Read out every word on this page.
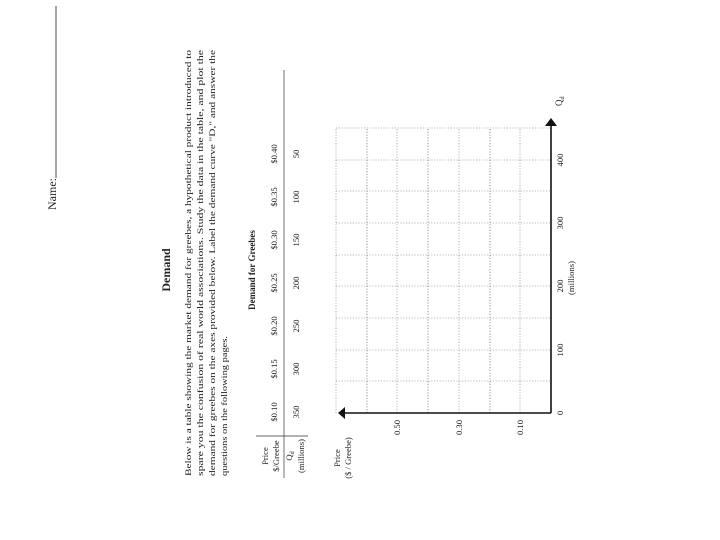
Name:
Demand Below is a table showing the market demand for greebes, a hypothetical product introduced to spare you the confusion of real world associations. Study the data in the table, and plot the demand for greebes on the axes provided below. Label the demand curve "D," and answer the questions on the following pages.
Demand for Greebes
Price $/Greebe $Q_d$ (millions)
$0.10
$0.15
$0.20
$0.25
$0.30
$0.35
$0.40
350
300
250
200
150
100
50
0.50	0.30	0.10
0
100
200
300
400
Price ($ / Greebe)
(millions)
$Q_d$
